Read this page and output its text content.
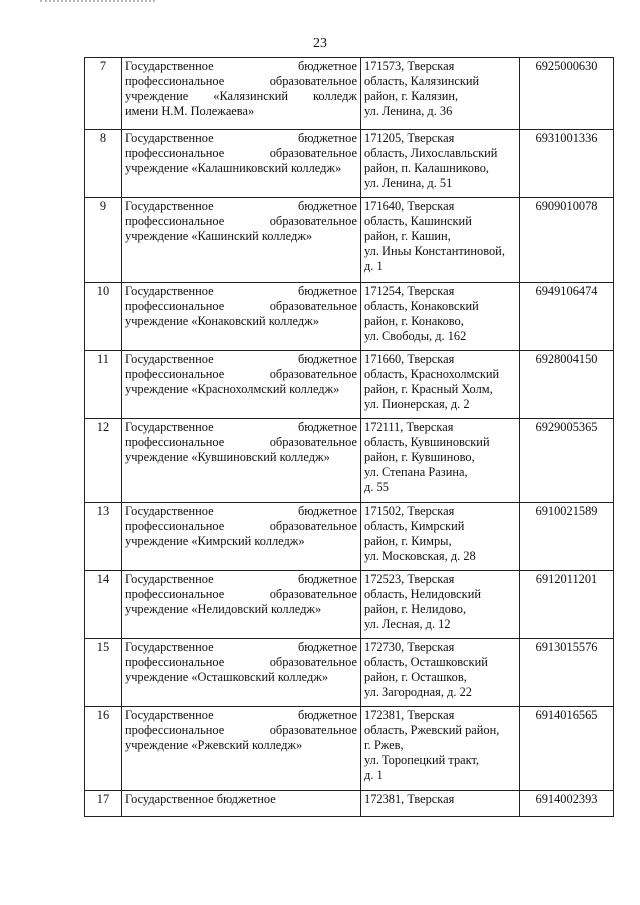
23
7	Государственное бюджетное
профессиональное образовательное
учреждение «Калязинский колледж
имени Н.М. Полежаева»	171573, Тверская
область, Калязинский
район, г. Калязин,
ул. Ленина, д. 36	6925000630
8	Государственное бюджетное
профессиональное образовательное
учреждение «Калашниковский колледж»	171205, Тверская
область, Лихославльский
район, п. Калашниково,
ул. Ленина, д. 51	6931001336
9	Государственное бюджетное
профессиональное образовательное
учреждение «Кашинский колледж»	171640, Тверская
область, Кашинский
район, г. Кашин,
ул. Иньы Константиновой,
д. 1	6909010078
10	Государственное бюджетное
профессиональное образовательное
учреждение «Конаковский колледж»	171254, Тверская
область, Конаковский
район, г. Конаково,
ул. Свободы, д. 162	6949106474
11	Государственное бюджетное
профессиональное образовательное
учреждение «Краснохолмский колледж»	171660, Тверская
область, Краснохолмский
район, г. Красный Холм,
ул. Пионерская, д. 2	6928004150
12	Государственное бюджетное
профессиональное образовательное
учреждение «Кувшиновский колледж»	172111, Тверская
область, Кувшиновский
район, г. Кувшиново,
ул. Степана Разина,
д. 55	6929005365
13	Государственное бюджетное
профессиональное образовательное
учреждение «Кимрский колледж»	171502, Тверская
область, Кимрский
район, г. Кимры,
ул. Московская, д. 28	6910021589
14	Государственное бюджетное
профессиональное образовательное
учреждение «Нелидовский колледж»	172523, Тверская
область, Нелидовский
район, г. Нелидово,
ул. Лесная, д. 12	6912011201
15	Государственное бюджетное
профессиональное образовательное
учреждение «Осташковский колледж»	172730, Тверская
область, Осташковский
район, г. Осташков,
ул. Загородная, д. 22	6913015576
16	Государственное бюджетное
профессиональное образовательное
учреждение «Ржевский колледж»	172381, Тверская
область, Ржевский район,
г. Ржев,
ул. Торопецкий тракт,
д. 1	6914016565
17	Государственное бюджетное	172381, Тверская	6914002393
